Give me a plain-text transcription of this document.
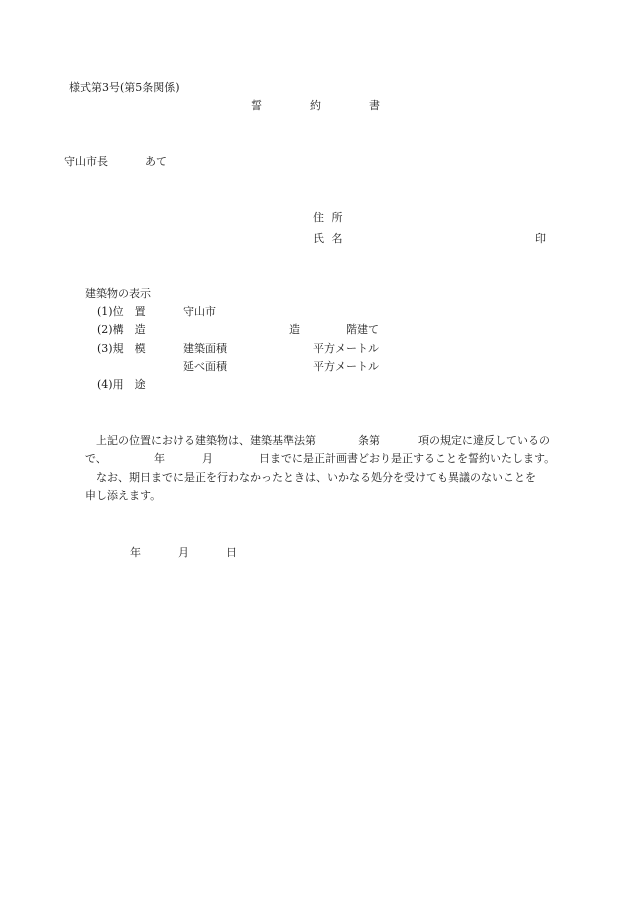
様式第3号(第5条関係)
誓	約	書
守山市長	あて
住 所
氏 名	印
建築物の表示
(1)位　置	守山市
(2)構　造	造	階建て
(3)規　模	建築面積	平方メートル
延べ面積	平方メートル
(4)用　途
上記の位置における建築物は、建築基準法第	条第	項の規定に違反しているの
で、	年	月	日までに是正計画書どおり是正することを誓約いたします。
なお、期日までに是正を行わなかったときは、いかなる処分を受けても異議のないことを
申し添えます。
年	月	日
